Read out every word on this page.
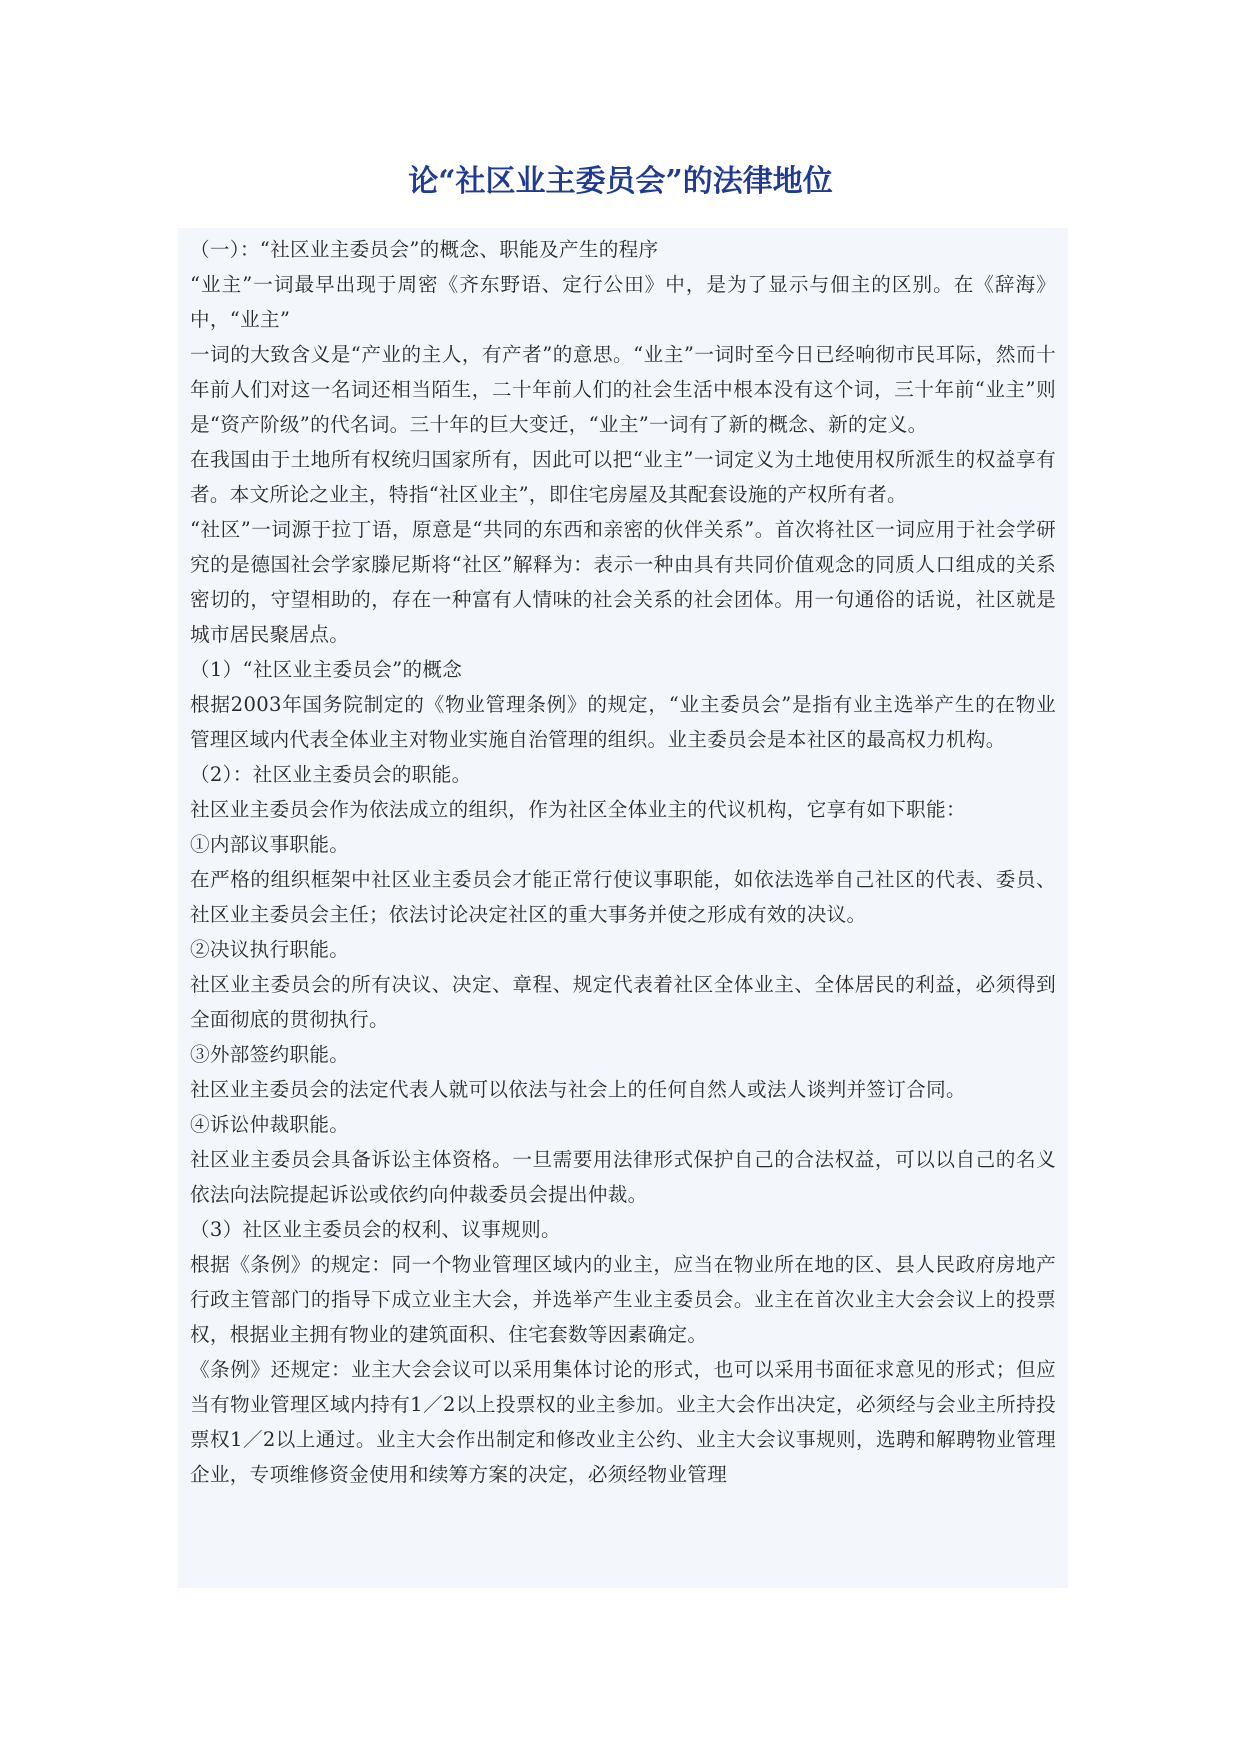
论“社区业主委员会”的法律地位

（一）：“社区业主委员会”的概念、职能及产生的程序

“业主”一词最早出现于周密《齐东野语、定行公田》中，是为了显示与佃主的区别。在《辞海》中，“业主”

一词的大致含义是“产业的主人，有产者”的意思。“业主”一词时至今日已经响彻市民耳际，然而十年前人们对这一名词还相当陌生，二十年前人们的社会生活中根本没有这个词，三十年前“业主”则是“资产阶级”的代名词。三十年的巨大变迁，“业主”一词有了新的概念、新的定义。

在我国由于土地所有权统归国家所有，因此可以把“业主”一词定义为土地使用权所派生的权益享有者。本文所论之业主，特指“社区业主”，即住宅房屋及其配套设施的产权所有者。

“社区”一词源于拉丁语，原意是“共同的东西和亲密的伙伴关系”。首次将社区一词应用于社会学研究的是德国社会学家滕尼斯将“社区”解释为：表示一种由具有共同价值观念的同质人口组成的关系密切的，守望相助的，存在一种富有人情味的社会关系的社会团体。用一句通俗的话说，社区就是城市居民聚居点。

（1）“社区业主委员会”的概念

根据2003年国务院制定的《物业管理条例》的规定，“业主委员会”是指有业主选举产生的在物业管理区域内代表全体业主对物业实施自治管理的组织。业主委员会是本社区的最高权力机构。

（2）：社区业主委员会的职能。

社区业主委员会作为依法成立的组织，作为社区全体业主的代议机构，它享有如下职能：

①内部议事职能。

在严格的组织框架中社区业主委员会才能正常行使议事职能，如依法选举自己社区的代表、委员、社区业主委员会主任；依法讨论决定社区的重大事务并使之形成有效的决议。

②决议执行职能。

社区业主委员会的所有决议、决定、章程、规定代表着社区全体业主、全体居民的利益，必须得到全面彻底的贯彻执行。

③外部签约职能。

社区业主委员会的法定代表人就可以依法与社会上的任何自然人或法人谈判并签订合同。

④诉讼仲裁职能。

社区业主委员会具备诉讼主体资格。一旦需要用法律形式保护自己的合法权益，可以以自己的名义依法向法院提起诉讼或依约向仲裁委员会提出仲裁。

（3）社区业主委员会的权利、议事规则。

根据《条例》的规定：同一个物业管理区域内的业主，应当在物业所在地的区、县人民政府房地产行政主管部门的指导下成立业主大会，并选举产生业主委员会。业主在首次业主大会会议上的投票权，根据业主拥有物业的建筑面积、住宅套数等因素确定。

《条例》还规定：业主大会会议可以采用集体讨论的形式，也可以采用书面征求意见的形式；但应当有物业管理区域内持有1／2以上投票权的业主参加。业主大会作出决定，必须经与会业主所持投票权1／2以上通过。业主大会作出制定和修改业主公约、业主大会议事规则，选聘和解聘物业管理企业，专项维修资金使用和续筹方案的决定，必须经物业管理
